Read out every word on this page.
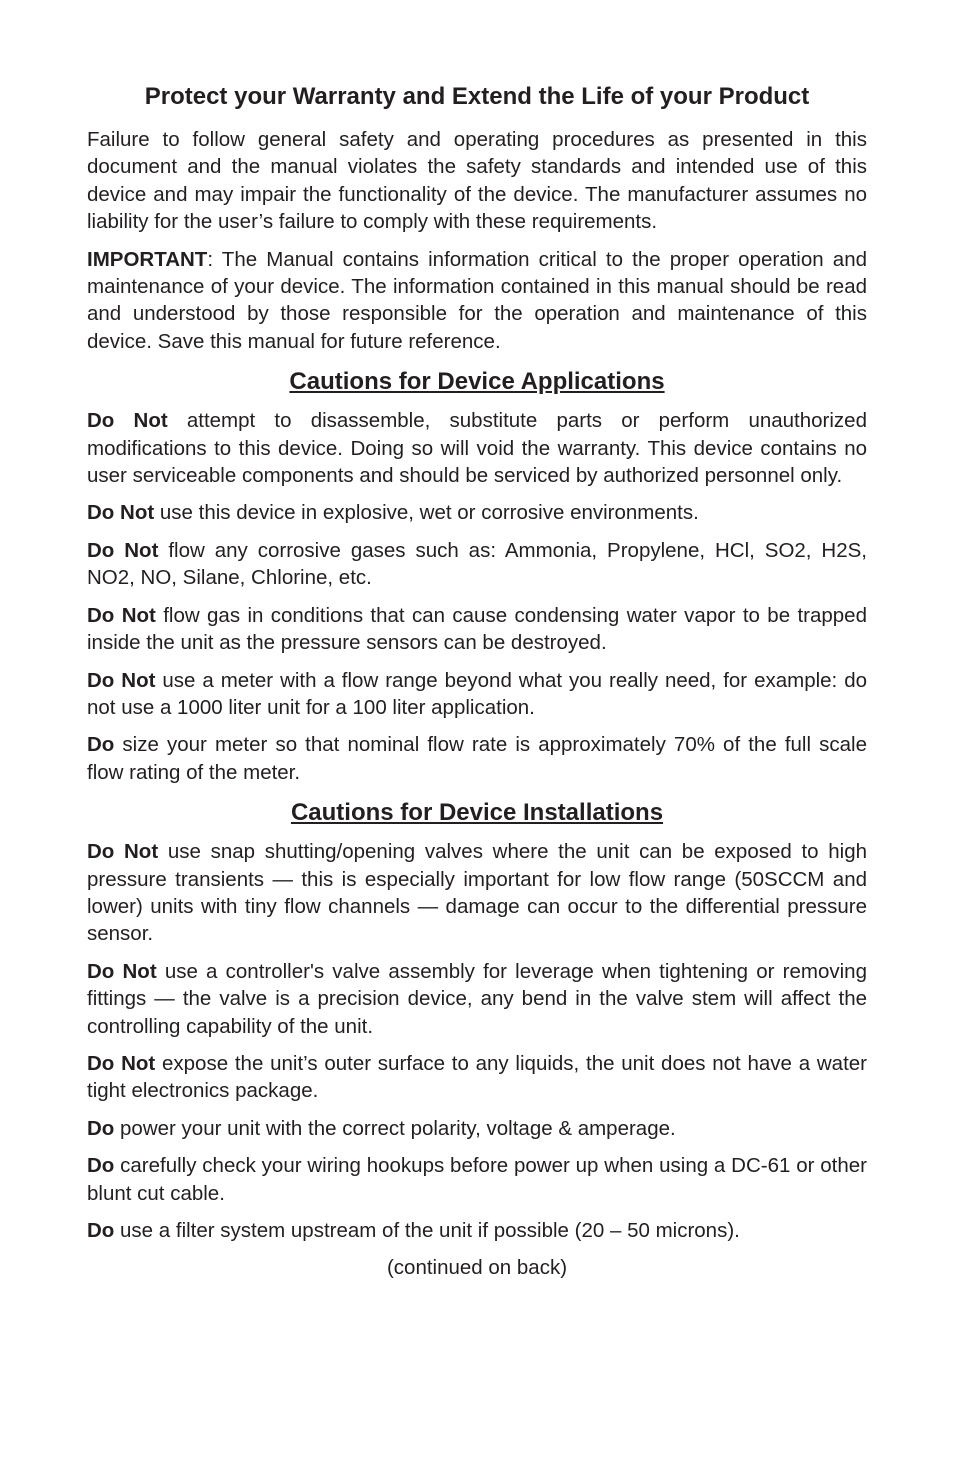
Protect your Warranty and Extend the Life of your Product

Failure to follow general safety and operating procedures as presented in this document and the manual violates the safety standards and intended use of this device and may impair the functionality of the device. The manufacturer assumes no liability for the user’s failure to comply with these requirements.

IMPORTANT: The Manual contains information critical to the proper operation and maintenance of your device. The information contained in this manual should be read and understood by those responsible for the operation and maintenance of this device. Save this manual for future reference.

Cautions for Device Applications

Do Not attempt to disassemble, substitute parts or perform unauthorized modifications to this device. Doing so will void the warranty. This device contains no user serviceable components and should be serviced by authorized personnel only.

Do Not use this device in explosive, wet or corrosive environments.

Do Not flow any corrosive gases such as: Ammonia, Propylene, HCl, SO2, H2S, NO2, NO, Silane, Chlorine, etc.

Do Not flow gas in conditions that can cause condensing water vapor to be trapped inside the unit as the pressure sensors can be destroyed.

Do Not use a meter with a flow range beyond what you really need, for example: do not use a 1000 liter unit for a 100 liter application.

Do size your meter so that nominal flow rate is approximately 70% of the full scale flow rating of the meter.

Cautions for Device Installations

Do Not use snap shutting/opening valves where the unit can be exposed to high pressure transients — this is especially important for low flow range (50SCCM and lower) units with tiny flow channels — damage can occur to the differential pressure sensor.

Do Not use a controller's valve assembly for leverage when tightening or removing fittings — the valve is a precision device, any bend in the valve stem will affect the controlling capability of the unit.

Do Not expose the unit’s outer surface to any liquids, the unit does not have a water tight electronics package.

Do power your unit with the correct polarity, voltage & amperage.

Do carefully check your wiring hookups before power up when using a DC-61 or other blunt cut cable.

Do use a filter system upstream of the unit if possible (20 – 50 microns).

(continued on back)
